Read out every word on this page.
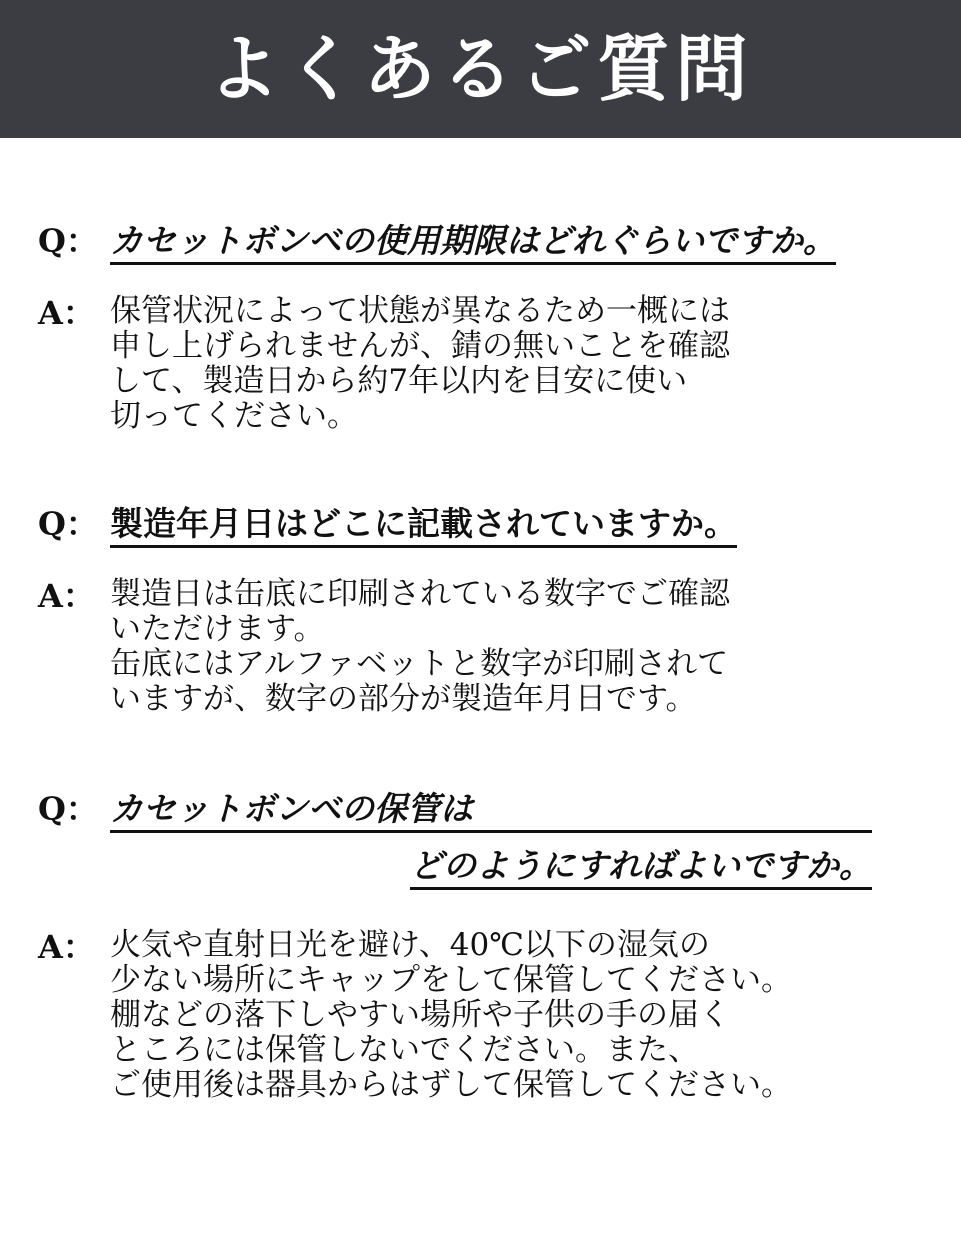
よくあるご質問
Q： カセットボンベの使用期限はどれぐらいですか。
A： 保管状況によって状態が異なるため一概には
申し上げられませんが、錆の無いことを確認
して、製造日から約7年以内を目安に使い
切ってください。
Q： 製造年月日はどこに記載されていますか。
A： 製造日は缶底に印刷されている数字でご確認
いただけます。
缶底にはアルファベットと数字が印刷されて
いますが、数字の部分が製造年月日です。
Q： カセットボンベの保管は
どのようにすればよいですか。
A： 火気や直射日光を避け、40℃以下の湿気の
少ない場所にキャップをして保管してください。
棚などの落下しやすい場所や子供の手の届く
ところには保管しないでください。また、
ご使用後は器具からはずして保管してください。
